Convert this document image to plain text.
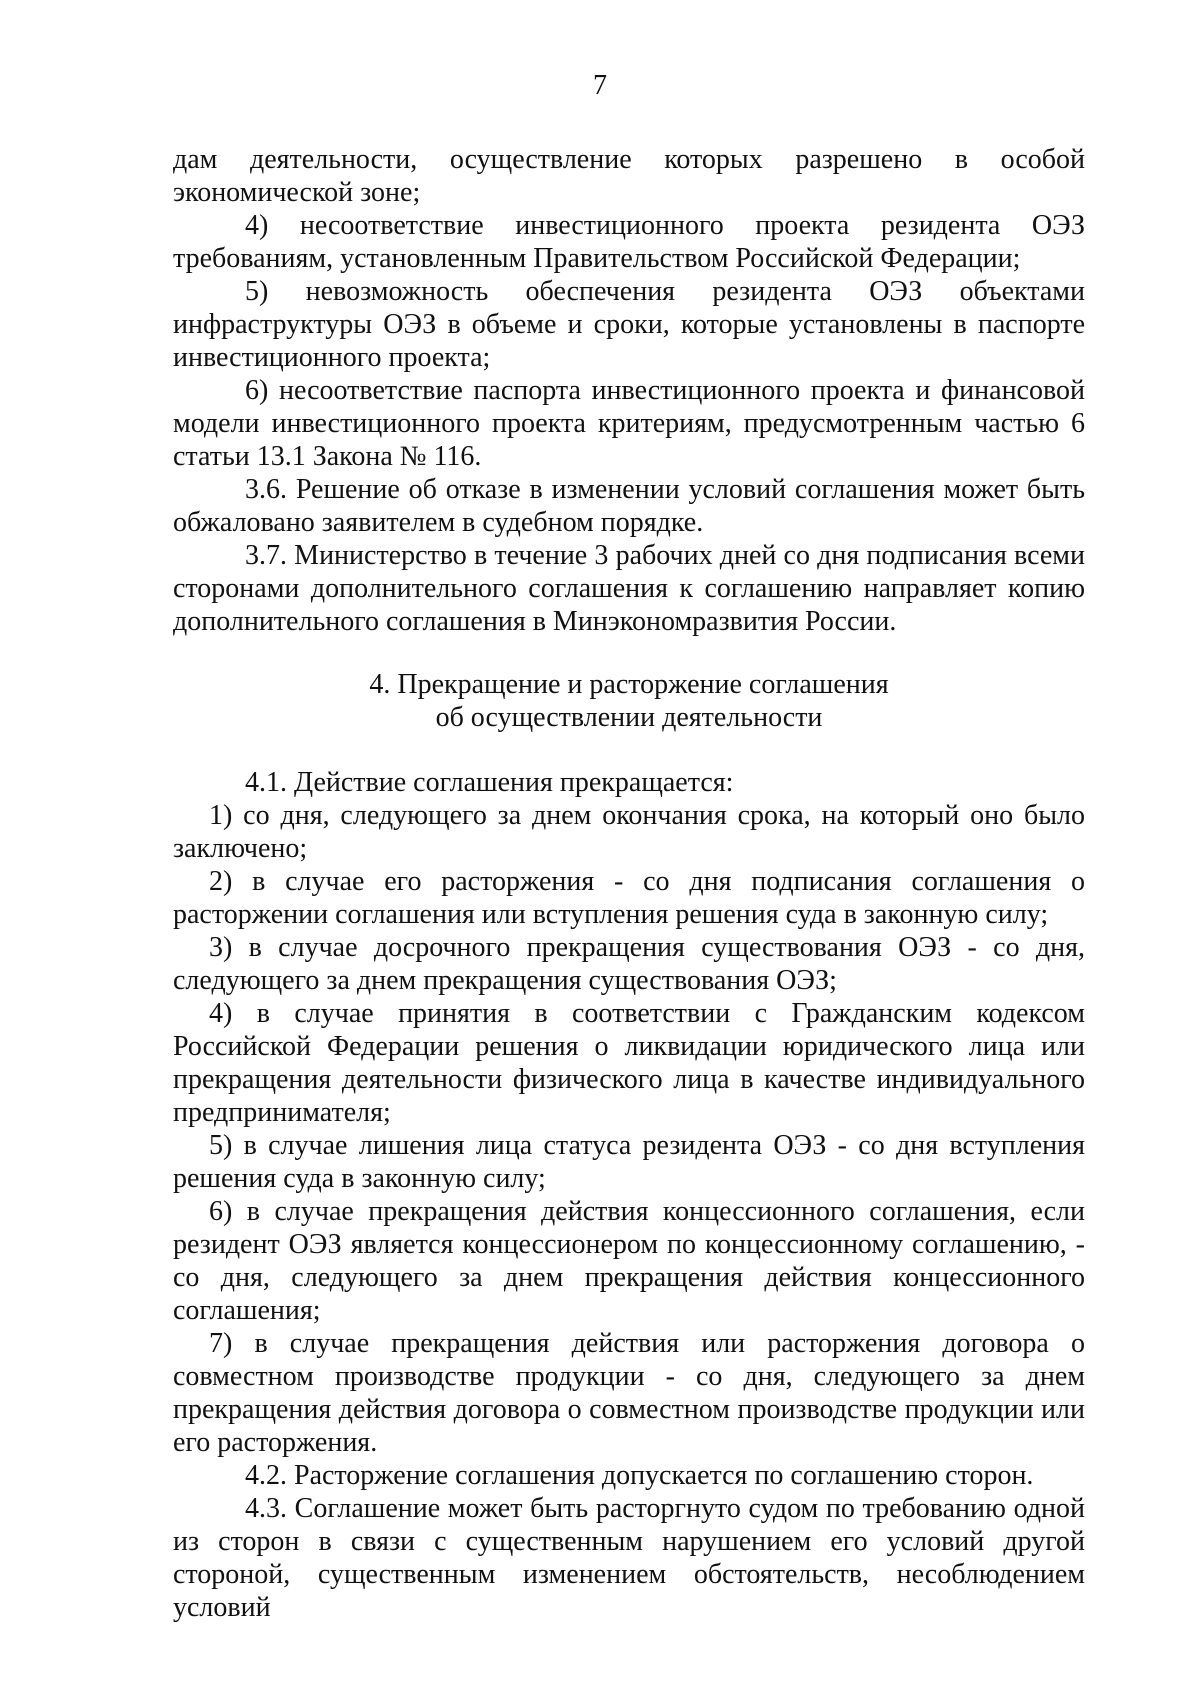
7

дам деятельности, осуществление которых разрешено в особой экономической зоне;

4) несоответствие инвестиционного проекта резидента ОЭЗ требованиям, установленным Правительством Российской Федерации;

5) невозможность обеспечения резидента ОЭЗ объектами инфраструктуры ОЭЗ в объеме и сроки, которые установлены в паспорте инвестиционного проекта;

6) несоответствие паспорта инвестиционного проекта и финансовой модели инвестиционного проекта критериям, предусмотренным частью 6 статьи 13.1 Закона № 116.

3.6. Решение об отказе в изменении условий соглашения может быть обжаловано заявителем в судебном порядке.

3.7. Министерство в течение 3 рабочих дней со дня подписания всеми сторонами дополнительного соглашения к соглашению направляет копию дополнительного соглашения в Минэкономразвития России.

4. Прекращение и расторжение соглашения
об осуществлении деятельности

4.1. Действие соглашения прекращается:

1) со дня, следующего за днем окончания срока, на который оно было заключено;

2) в случае его расторжения - со дня подписания соглашения о расторжении соглашения или вступления решения суда в законную силу;

3) в случае досрочного прекращения существования ОЭЗ - со дня, следующего за днем прекращения существования ОЭЗ;

4) в случае принятия в соответствии с Гражданским кодексом Российской Федерации решения о ликвидации юридического лица или прекращения деятельности физического лица в качестве индивидуального предпринимателя;

5) в случае лишения лица статуса резидента ОЭЗ - со дня вступления решения суда в законную силу;

6) в случае прекращения действия концессионного соглашения, если резидент ОЭЗ является концессионером по концессионному соглашению, - со дня, следующего за днем прекращения действия концессионного соглашения;

7) в случае прекращения действия или расторжения договора о совместном производстве продукции - со дня, следующего за днем прекращения действия договора о совместном производстве продукции или его расторжения.

4.2. Расторжение соглашения допускается по соглашению сторон.

4.3. Соглашение может быть расторгнуто судом по требованию одной из сторон в связи с существенным нарушением его условий другой стороной, существенным изменением обстоятельств, несоблюдением условий
